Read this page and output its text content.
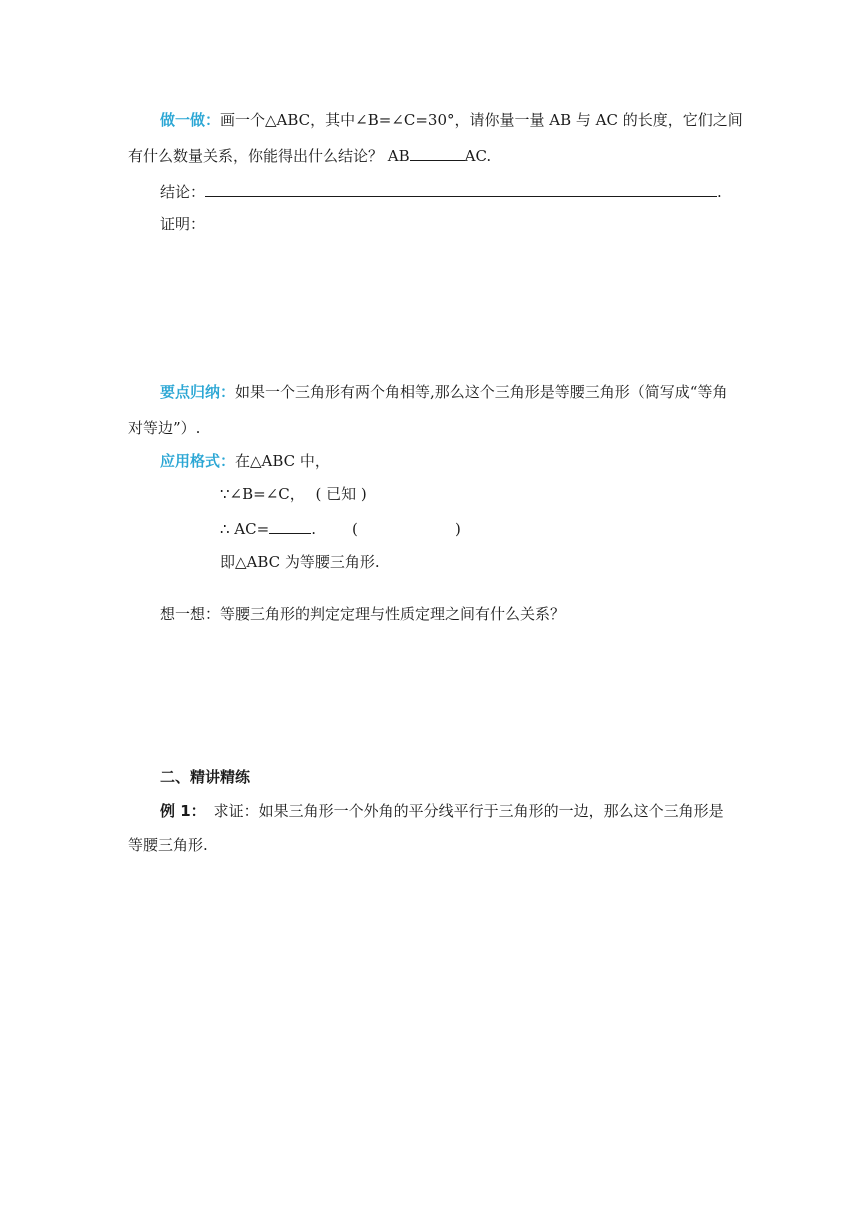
做一做：画一个△ABC，其中∠B=∠C=30°，请你量一量 AB 与 AC 的长度，它们之间
有什么数量关系，你能得出什么结论？ AB	AC.
结论：	.
证明：
要点归纳：如果一个三角形有两个角相等,那么这个三角形是等腰三角形（简写成“等角
对等边”）.
应用格式：在△ABC 中，
∵∠B=∠C， ( 已知 )
∴ AC=	. (	)
即△ABC 为等腰三角形.
想一想：等腰三角形的判定定理与性质定理之间有什么关系？
二、精讲精练
例 1： 求证：如果三角形一个外角的平分线平行于三角形的一边，那么这个三角形是
等腰三角形.
